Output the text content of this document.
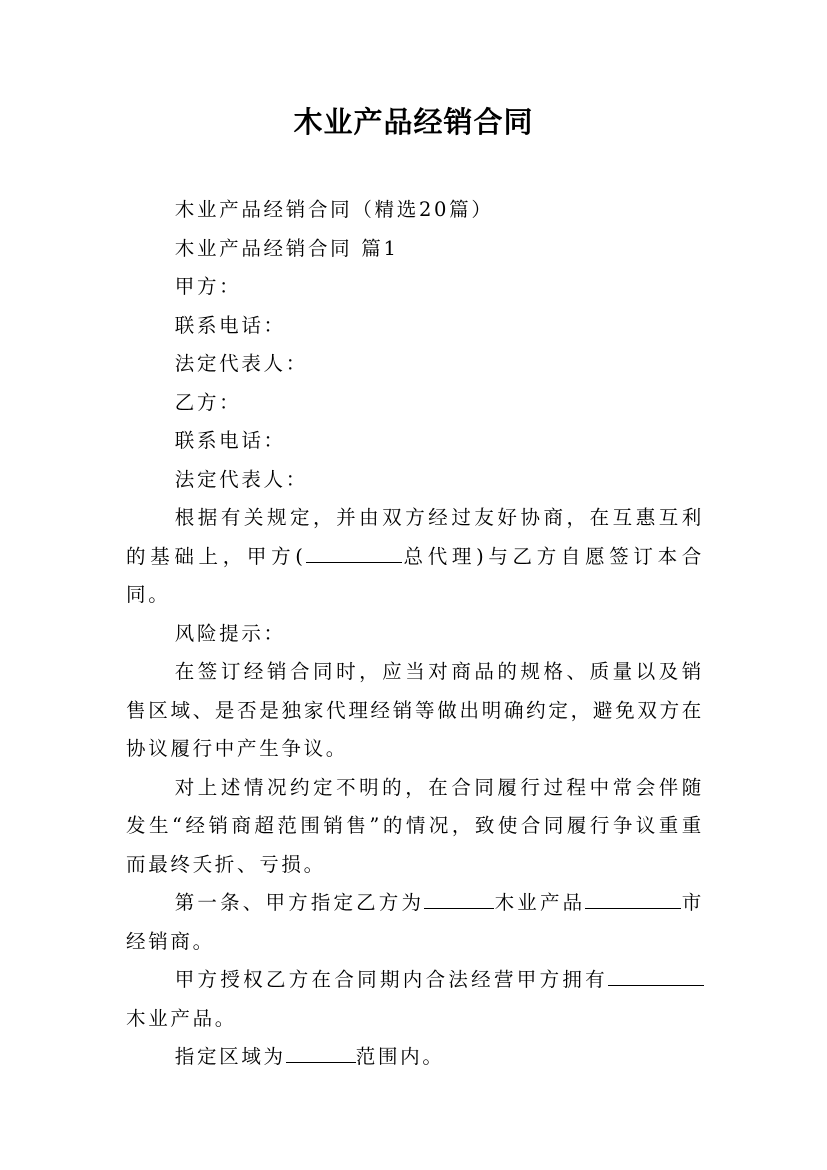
木业产品经销合同

木业产品经销合同（精选20篇）

木业产品经销合同 篇1

甲方：

联系电话：

法定代表人：

乙方：

联系电话：

法定代表人：

根据有关规定，并由双方经过友好协商，在互惠互利的基础上，甲方(	总代理)与乙方自愿签订本合同。

风险提示：

在签订经销合同时，应当对商品的规格、质量以及销售区域、是否是独家代理经销等做出明确约定，避免双方在协议履行中产生争议。

对上述情况约定不明的，在合同履行过程中常会伴随发生“经销商超范围销售”的情况，致使合同履行争议重重而最终夭折、亏损。

第一条、甲方指定乙方为	木业产品	市经销商。

甲方授权乙方在合同期内合法经营甲方拥有木业产品。

指定区域为	范围内。
